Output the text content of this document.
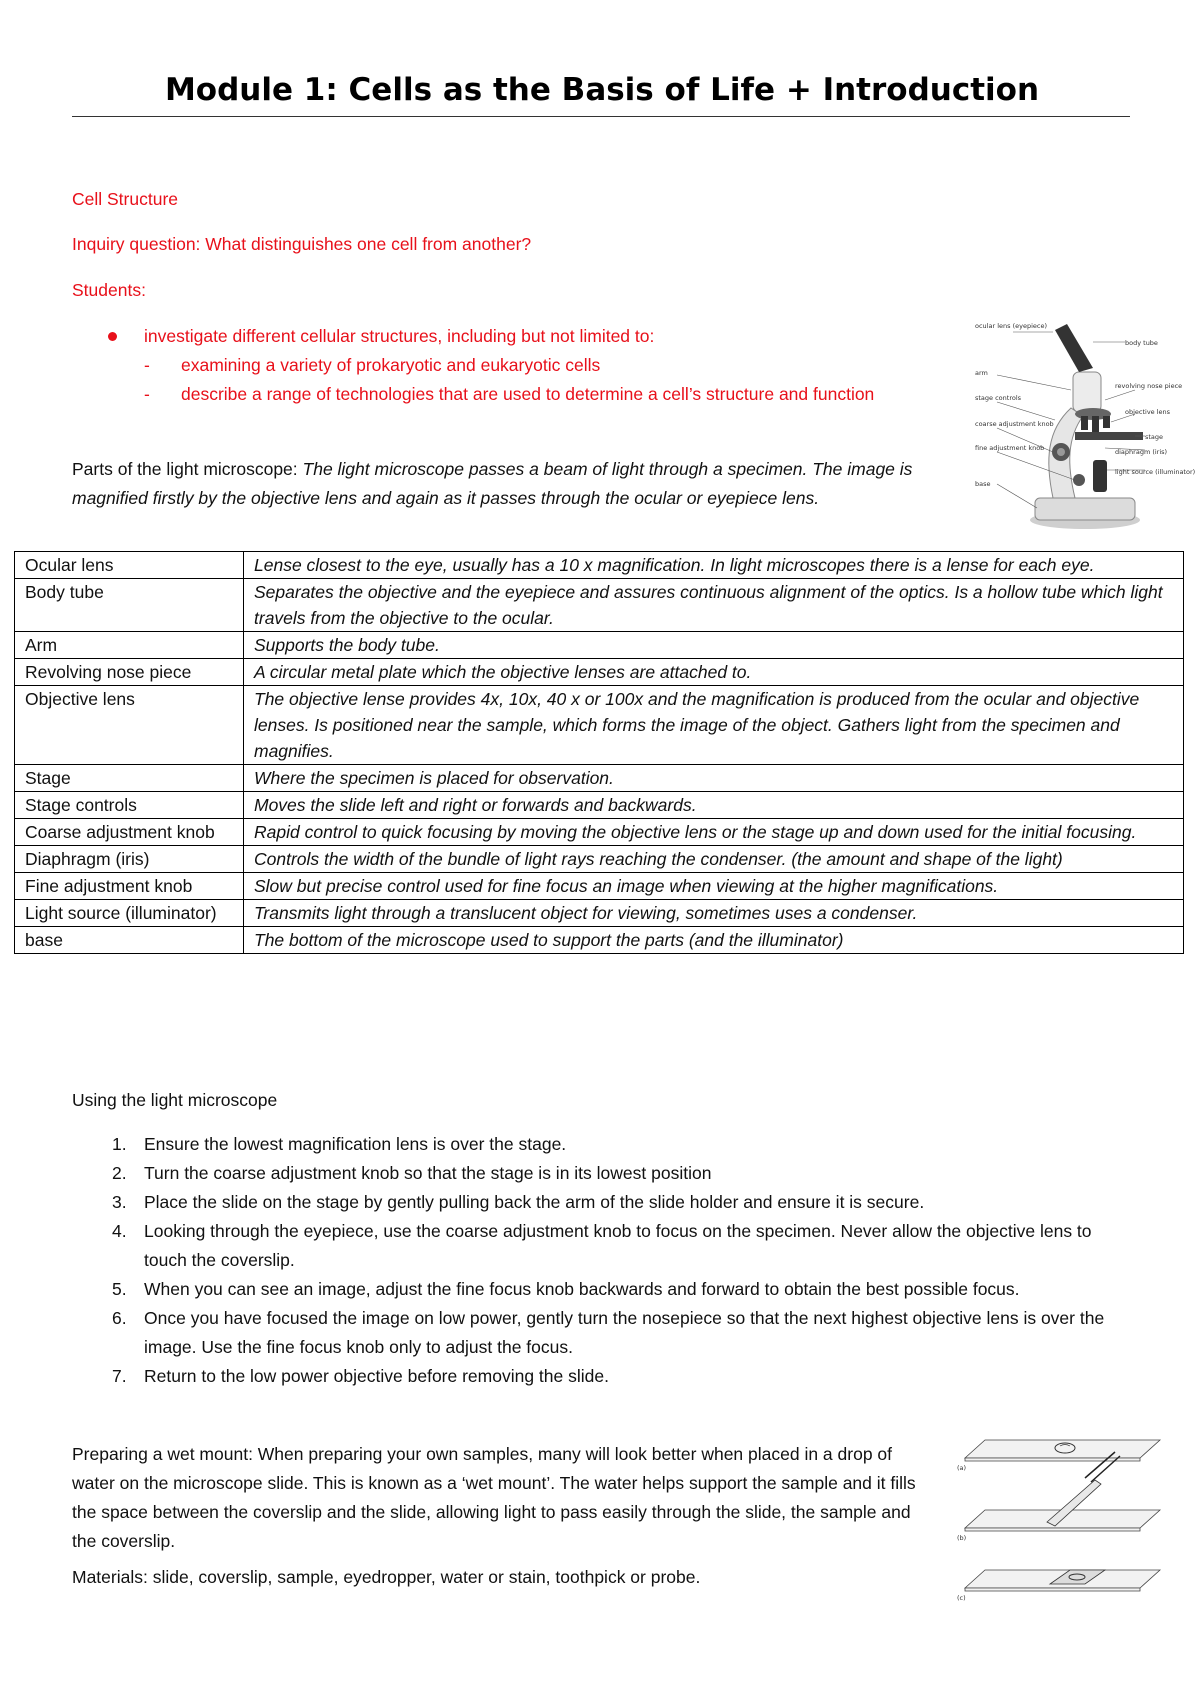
Module 1: Cells as the Basis of Life + Introduction

Cell Structure

Inquiry question: What distinguishes one cell from another?

Students:

investigate different cellular structures, including but not limited to:
- examining a variety of prokaryotic and eukaryotic cells
- describe a range of technologies that are used to determine a cell’s structure and function
ocular lens (eyepiece)
body tube
arm
revolving nose piece
stage controls
objective lens
stage
coarse adjustment knob
diaphragm (iris)
fine adjustment knob
light source (illuminator)
base

Parts of the light microscope: The light microscope passes a beam of light through a specimen. The image is magnified firstly by the objective lens and again as it passes through the ocular or eyepiece lens.

Ocular lens	Lense closest to the eye, usually has a 10 x magnification. In light microscopes there is a lense for each eye.
Body tube	Separates the objective and the eyepiece and assures continuous alignment of the optics. Is a hollow tube which light travels from the objective to the ocular.
Arm	Supports the body tube.
Revolving nose piece	A circular metal plate which the objective lenses are attached to.
Objective lens	The objective lense provides 4x, 10x, 40 x or 100x and the magnification is produced from the ocular and objective lenses. Is positioned near the sample, which forms the image of the object. Gathers light from the specimen and magnifies.
Stage	Where the specimen is placed for observation.
Stage controls	Moves the slide left and right or forwards and backwards.
Coarse adjustment knob	Rapid control to quick focusing by moving the objective lens or the stage up and down used for the initial focusing.
Diaphragm (iris)	Controls the width of the bundle of light rays reaching the condenser. (the amount and shape of the light)
Fine adjustment knob	Slow but precise control used for fine focus an image when viewing at the higher magnifications.
Light source (illuminator)	Transmits light through a translucent object for viewing, sometimes uses a condenser.
base	The bottom of the microscope used to support the parts (and the illuminator)

Using the light microscope

1. Ensure the lowest magnification lens is over the stage.
2. Turn the coarse adjustment knob so that the stage is in its lowest position
3. Place the slide on the stage by gently pulling back the arm of the slide holder and ensure it is secure.
4. Looking through the eyepiece, use the coarse adjustment knob to focus on the specimen. Never allow the objective lens to touch the coverslip.
5. When you can see an image, adjust the fine focus knob backwards and forward to obtain the best possible focus.
6. Once you have focused the image on low power, gently turn the nosepiece so that the next highest objective lens is over the image. Use the fine focus knob only to adjust the focus.
7. Return to the low power objective before removing the slide.

Preparing a wet mount: When preparing your own samples, many will look better when placed in a drop of water on the microscope slide. This is known as a ‘wet mount’. The water helps support the sample and it fills the space between the coverslip and the slide, allowing light to pass easily through the slide, the sample and the coverslip.

Materials: slide, coverslip, sample, eyedropper, water or stain, toothpick or probe.

(a)
(b)
(c)
